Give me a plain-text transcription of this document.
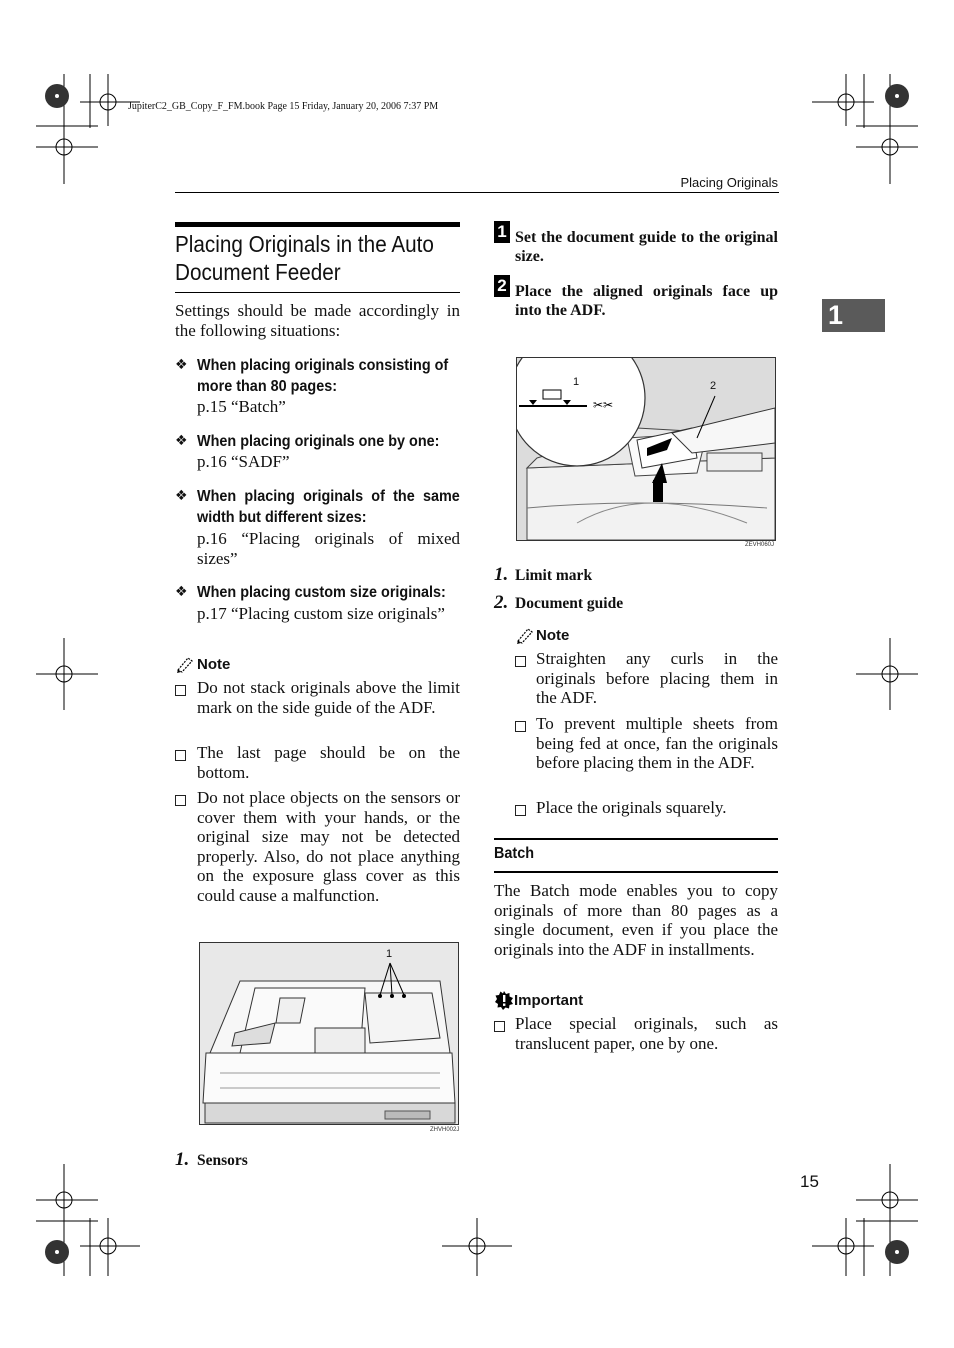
JupiterC2_GB_Copy_F_FM.book Page 15 Friday, January 20, 2006 7:37 PM
Placing Originals
1
Placing Originals in the Auto
Document Feeder
Settings should be made accordingly in the following situations:
❖ When placing originals consisting of more than 80 pages:
p.15 “Batch”
❖ When placing originals one by one:
p.16 “SADF”
❖ When placing originals of the same width but different sizes:
p.16 “Placing originals of mixed sizes”
❖ When placing custom size originals:
p.17 “Placing custom size originals”
Note
Do not stack originals above the limit mark on the side guide of the ADF.
The last page should be on the bottom.
Do not place objects on the sensors or cover them with your hands, or the original size may not be detected properly. Also, do not place anything on the exposure glass cover as this could cause a malfunction.
1
ZHVH002J
1. Sensors
1 Set the document guide to the original size.
2 Place the aligned originals face up into the ADF.
✂✂
1	2
ZEVH060J
1. Limit mark
2. Document guide
Note
Straighten any curls in the originals before placing them in the ADF.
To prevent multiple sheets from being fed at once, fan the originals before placing them in the ADF.
Place the originals squarely.
Batch
The Batch mode enables you to copy originals of more than 80 pages as a single document, even if you place the originals into the ADF in installments.
Important
Place special originals, such as translucent paper, one by one.
15
